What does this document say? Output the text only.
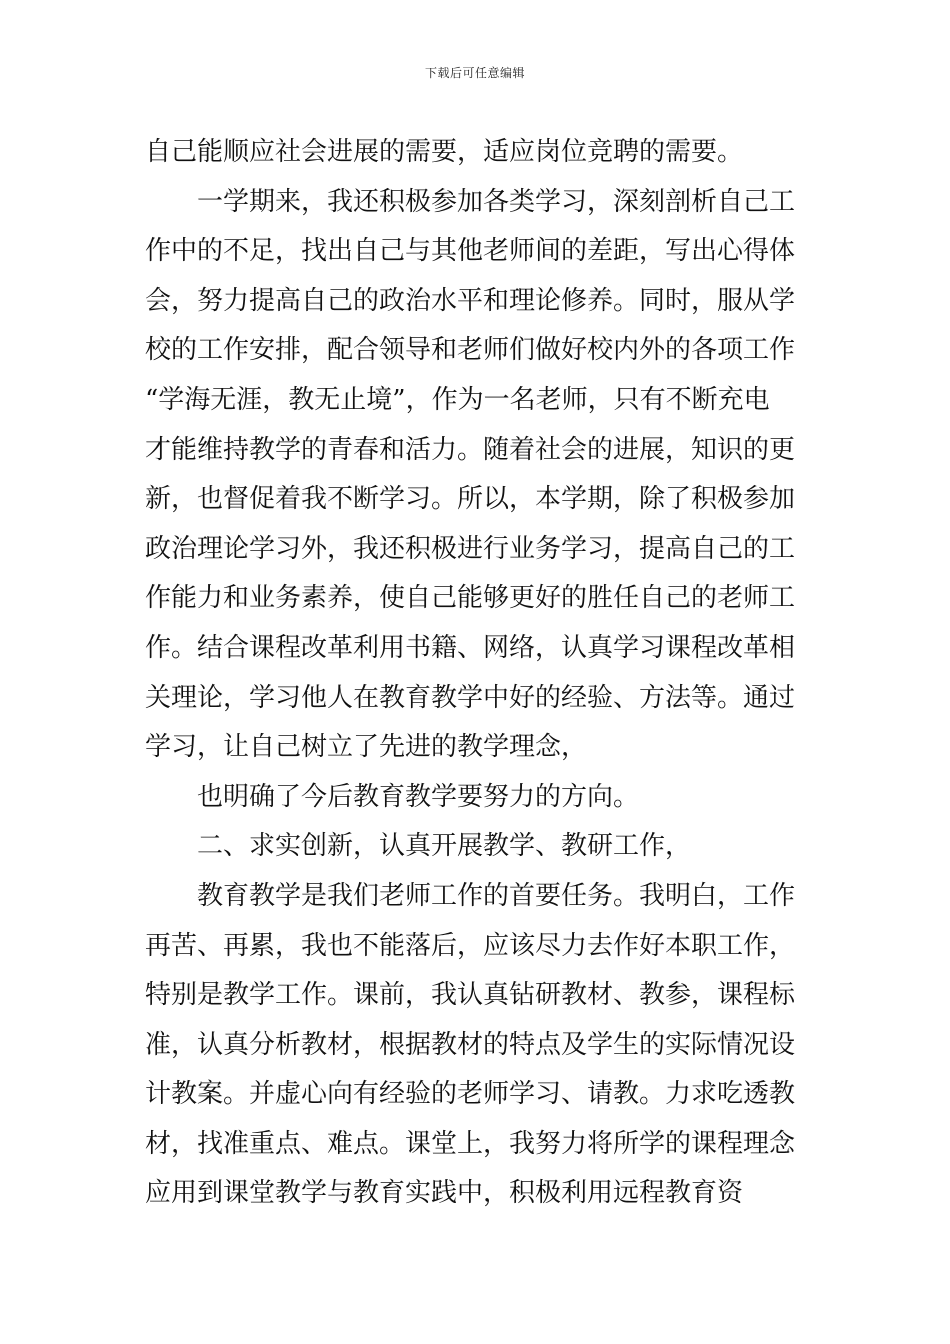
下载后可任意编辑
自己能顺应社会进展的需要，适应岗位竞聘的需要。
一学期来，我还积极参加各类学习，深刻剖析自己工
作中的不足，找出自己与其他老师间的差距，写出心得体
会，努力提高自己的政治水平和理论修养。同时，服从学
校的工作安排，配合领导和老师们做好校内外的各项工作
“学海无涯，教无止境”，作为一名老师，只有不断充电
才能维持教学的青春和活力。随着社会的进展，知识的更
新，也督促着我不断学习。所以，本学期，除了积极参加
政治理论学习外，我还积极进行业务学习，提高自己的工
作能力和业务素养，使自己能够更好的胜任自己的老师工
作。结合课程改革利用书籍、网络，认真学习课程改革相
关理论，学习他人在教育教学中好的经验、方法等。通过
学习，让自己树立了先进的教学理念，
也明确了今后教育教学要努力的方向。
二、求实创新，认真开展教学、教研工作，
教育教学是我们老师工作的首要任务。我明白，工作
再苦、再累，我也不能落后，应该尽力去作好本职工作，
特别是教学工作。课前，我认真钻研教材、教参，课程标
准，认真分析教材，根据教材的特点及学生的实际情况设
计教案。并虚心向有经验的老师学习、请教。力求吃透教
材，找准重点、难点。课堂上，我努力将所学的课程理念
应用到课堂教学与教育实践中，积极利用远程教育资
